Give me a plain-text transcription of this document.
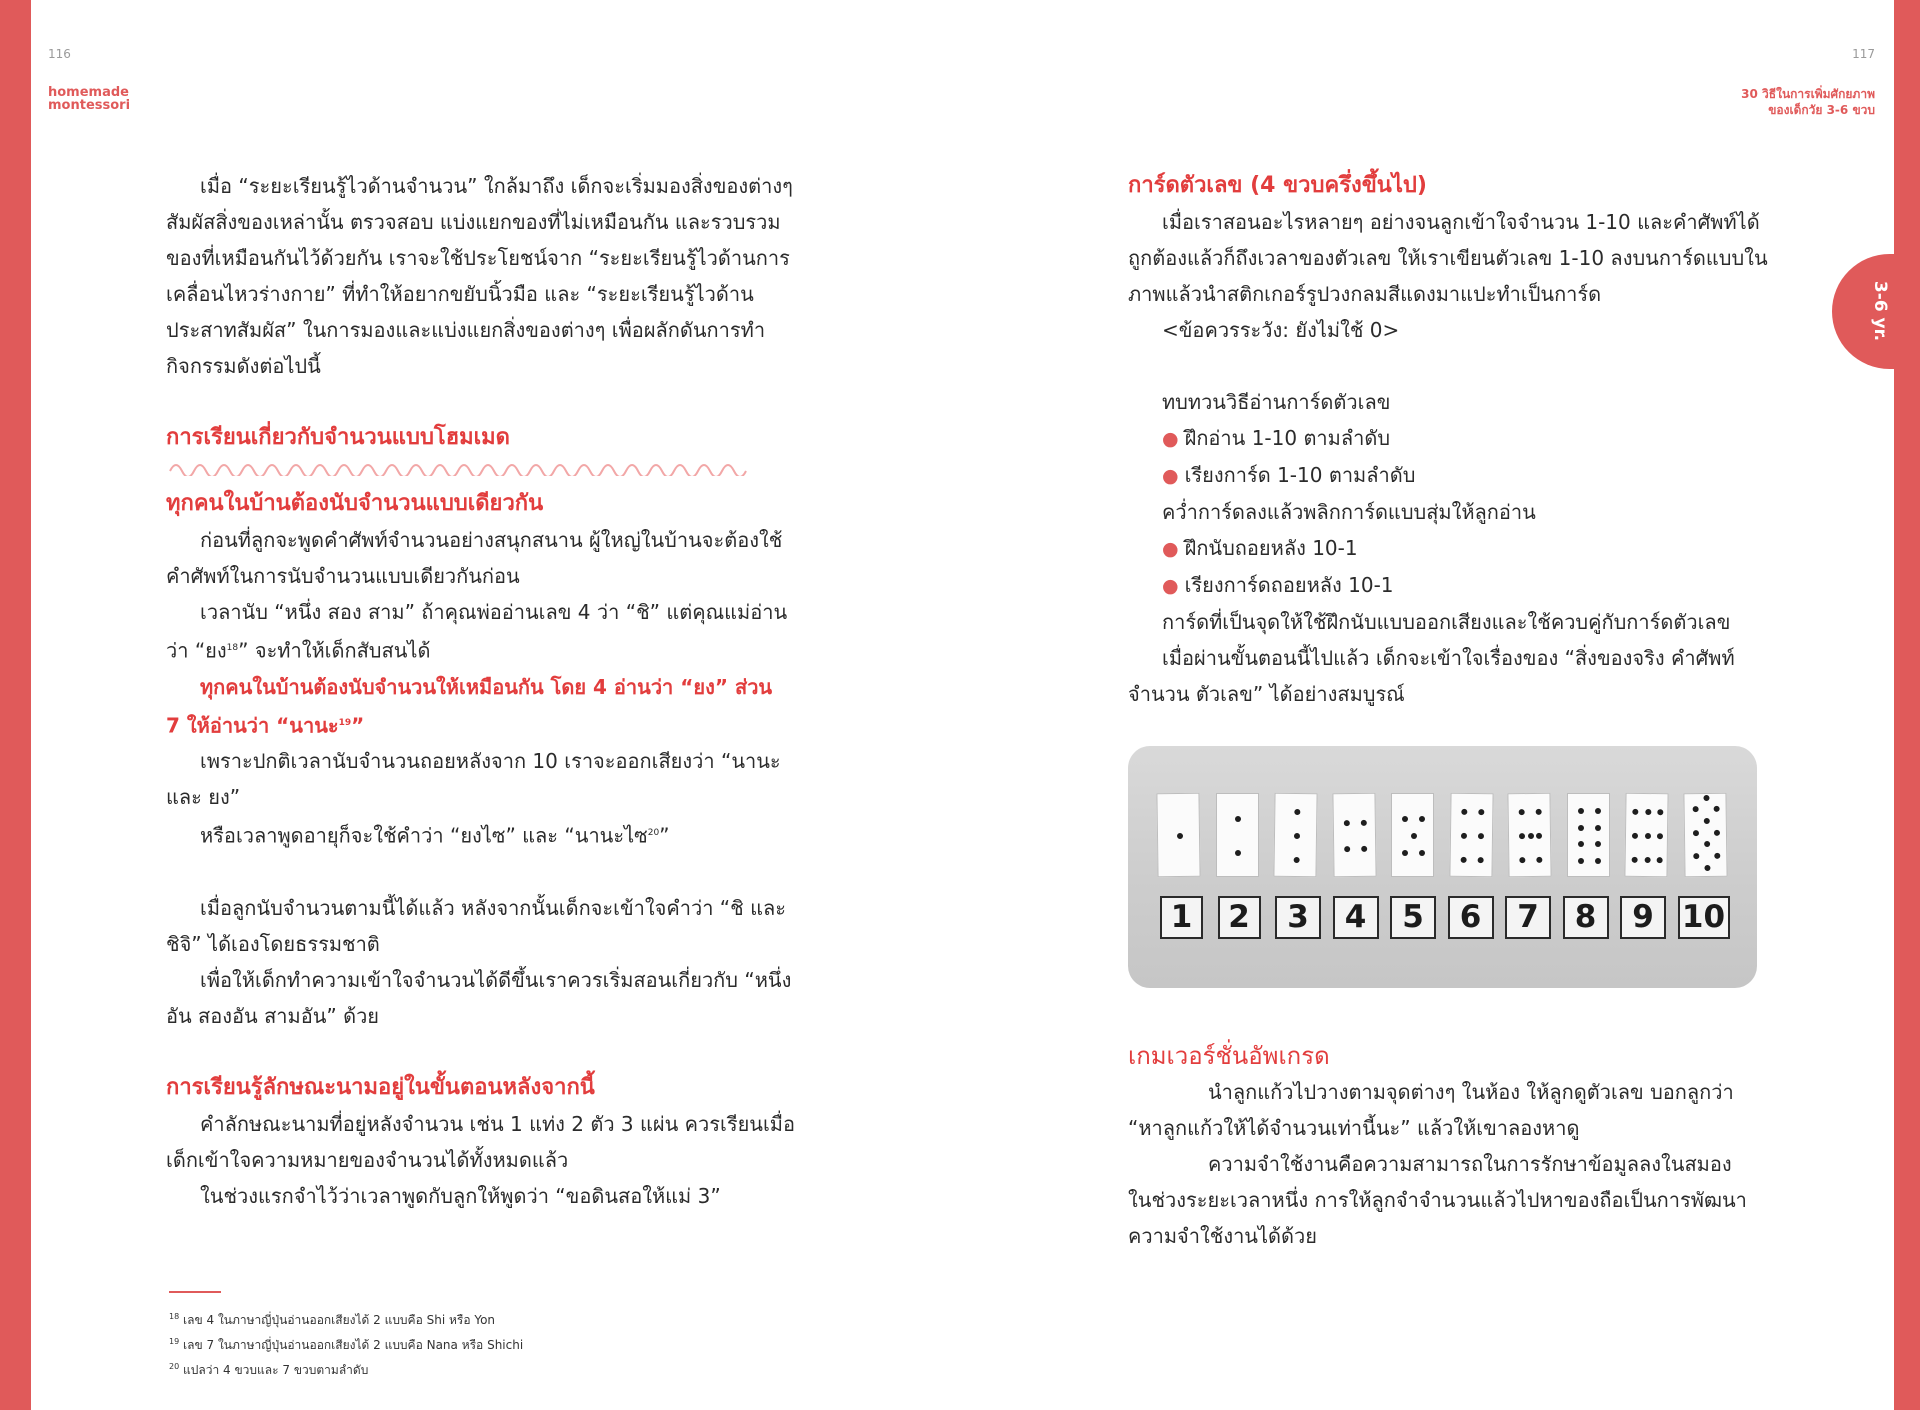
3-6 yr.
116	117
homemade
montessori
30 วิธีในการเพิ่มศักยภาพ
ของเด็กวัย 3-6 ขวบ

เมื่อ “ระยะเรียนรู้ไวด้านจำนวน” ใกล้มาถึง เด็กจะเริ่มมองสิ่งของต่างๆ

สัมผัสสิ่งของเหล่านั้น ตรวจสอบ แบ่งแยกของที่ไม่เหมือนกัน และรวบรวม

ของที่เหมือนกันไว้ด้วยกัน เราจะใช้ประโยชน์จาก “ระยะเรียนรู้ไวด้านการ

เคลื่อนไหวร่างกาย” ที่ทำให้อยากขยับนิ้วมือ และ “ระยะเรียนรู้ไวด้าน

ประสาทสัมผัส” ในการมองและแบ่งแยกสิ่งของต่างๆ เพื่อผลักดันการทำ

กิจกรรมดังต่อไปนี้

การเรียนเกี่ยวกับจำนวนแบบโฮมเมด

ทุกคนในบ้านต้องนับจำนวนแบบเดียวกัน

ก่อนที่ลูกจะพูดคำศัพท์จำนวนอย่างสนุกสนาน ผู้ใหญ่ในบ้านจะต้องใช้

คำศัพท์ในการนับจำนวนแบบเดียวกันก่อน

เวลานับ “หนึ่ง สอง สาม” ถ้าคุณพ่ออ่านเลข 4 ว่า “ชิ” แต่คุณแม่อ่าน

ว่า “ยง$^{18}$” จะทำให้เด็กสับสนได้

ทุกคนในบ้านต้องนับจำนวนให้เหมือนกัน โดย 4 อ่านว่า “ยง” ส่วน

7 ให้อ่านว่า “นานะ$^{19}$”

เพราะปกติเวลานับจำนวนถอยหลังจาก 10 เราจะออกเสียงว่า “นานะ

และ ยง”

หรือเวลาพูดอายุก็จะใช้คำว่า “ยงไซ” และ “นานะไซ$^{20}$”

เมื่อลูกนับจำนวนตามนี้ได้แล้ว หลังจากนั้นเด็กจะเข้าใจคำว่า “ชิ และ

ชิจิ” ได้เองโดยธรรมชาติ

เพื่อให้เด็กทำความเข้าใจจำนวนได้ดีขึ้นเราควรเริ่มสอนเกี่ยวกับ “หนึ่ง

อัน สองอัน สามอัน” ด้วย

การเรียนรู้ลักษณะนามอยู่ในขั้นตอนหลังจากนี้

คำลักษณะนามที่อยู่หลังจำนวน เช่น 1 แท่ง 2 ตัว 3 แผ่น ควรเรียนเมื่อ

เด็กเข้าใจความหมายของจำนวนได้ทั้งหมดแล้ว

ในช่วงแรกจำไว้ว่าเวลาพูดกับลูกให้พูดว่า “ขอดินสอให้แม่ 3”

$^{18}$ เลข 4 ในภาษาญี่ปุ่นอ่านออกเสียงได้ 2 แบบคือ Shi หรือ Yon
$^{19}$ เลข 7 ในภาษาญี่ปุ่นอ่านออกเสียงได้ 2 แบบคือ Nana หรือ Shichi
$^{20}$ แปลว่า 4 ขวบและ 7 ขวบตามลำดับ

การ์ดตัวเลข (4 ขวบครึ่งขึ้นไป)

เมื่อเราสอนอะไรหลายๆ อย่างจนลูกเข้าใจจำนวน 1-10 และคำศัพท์ได้

ถูกต้องแล้วก็ถึงเวลาของตัวเลข ให้เราเขียนตัวเลข 1-10 ลงบนการ์ดแบบใน

ภาพแล้วนำสติกเกอร์รูปวงกลมสีแดงมาแปะทำเป็นการ์ด

<ข้อควรระวัง: ยังไม่ใช้ 0>

ทบทวนวิธีอ่านการ์ดตัวเลข

● ฝึกอ่าน 1-10 ตามลำดับ

● เรียงการ์ด 1-10 ตามลำดับ

คว่ำการ์ดลงแล้วพลิกการ์ดแบบสุ่มให้ลูกอ่าน

● ฝึกนับถอยหลัง 10-1

● เรียงการ์ดถอยหลัง 10-1

การ์ดที่เป็นจุดให้ใช้ฝึกนับแบบออกเสียงและใช้ควบคู่กับการ์ดตัวเลข

เมื่อผ่านขั้นตอนนี้ไปแล้ว เด็กจะเข้าใจเรื่องของ “สิ่งของจริง คำศัพท์

จำนวน ตัวเลข” ได้อย่างสมบูรณ์

1	2	3	4	5	6	7	8	9 10

เกมเวอร์ชั่นอัพเกรด

นำลูกแก้วไปวางตามจุดต่างๆ ในห้อง ให้ลูกดูตัวเลข บอกลูกว่า

“หาลูกแก้วให้ได้จำนวนเท่านี้นะ” แล้วให้เขาลองหาดู

ความจำใช้งานคือความสามารถในการรักษาข้อมูลลงในสมอง

ในช่วงระยะเวลาหนึ่ง การให้ลูกจำจำนวนแล้วไปหาของถือเป็นการพัฒนา

ความจำใช้งานได้ด้วย
